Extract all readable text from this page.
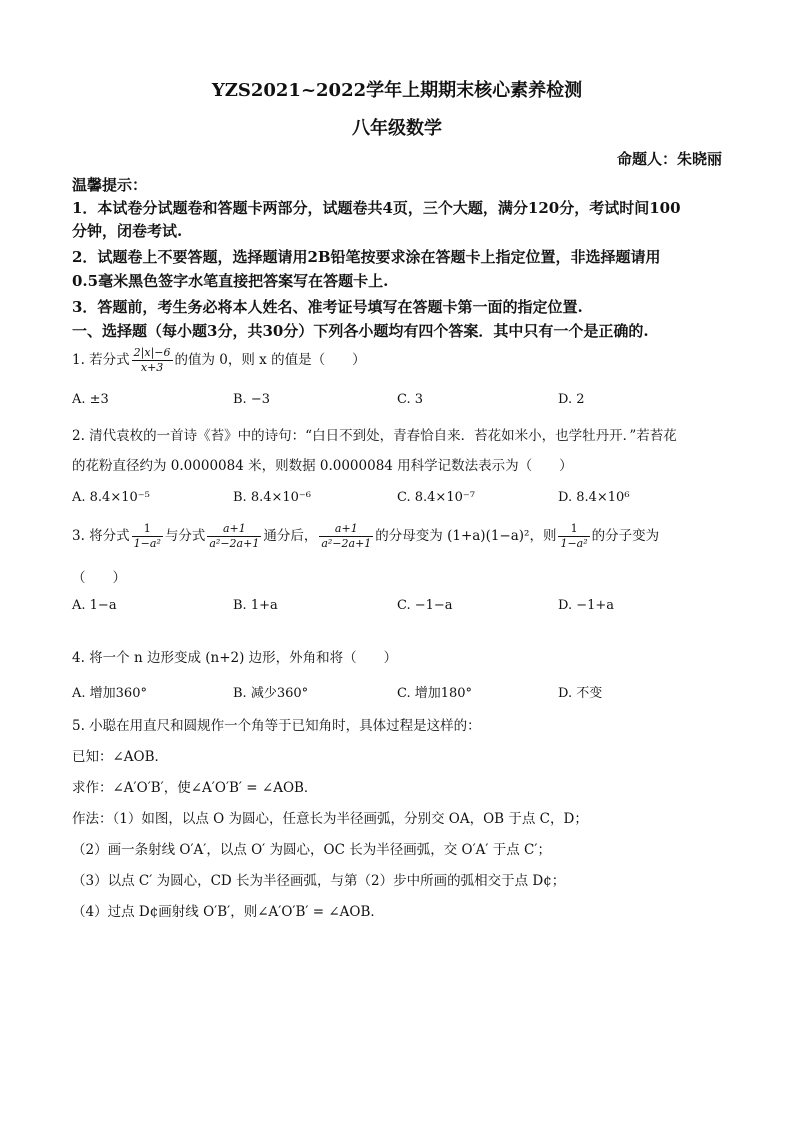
YZS2021~2022学年上期期末核心素养检测
八年级数学
命题人：朱晓丽
温馨提示：
1．本试卷分试题卷和答题卡两部分，试题卷共4页，三个大题，满分120分，考试时间100
分钟，闭卷考试.
2．试题卷上不要答题，选择题请用2B铅笔按要求涂在答题卡上指定位置，非选择题请用
0.5毫米黑色签字水笔直接把答案写在答题卡上.
3．答题前，考生务必将本人姓名、准考证号填写在答题卡第一面的指定位置.
一、选择题（每小题3分，共30分）下列各小题均有四个答案．其中只有一个是正确的.
1. 若分式 $\frac{2|x|-6}{x+3}$ 的值为 0，则 x 的值是（　　）
A. ±3	B. −3	C. 3	D. 2
2. 清代袁枚的一首诗《苔》中的诗句：“白日不到处，青春恰自来．苔花如米小，也学牡丹开．”若苔花
的花粉直径约为 0.0000084 米，则数据 0.0000084 用科学记数法表示为（　　）
A. 8.4×10⁻⁵	B. 8.4×10⁻⁶	C. 8.4×10⁻⁷	D. 8.4×10⁶
3. 将分式 $\frac{1}{\text{1−a²}}$ 与分式 $\frac{a+1}{\text{a²−2a+1}}$ 通分后， $\frac{a+1}{\text{a²−2a+1}}$ 的分母变为 (1+a)(1−a)²，则 $\frac{1}{\text{1−a²}}$ 的分子变为
（　　）
A. 1−a	B. 1+a	C. −1−a	D. −1+a
4. 将一个 n 边形变成 (n+2) 边形，外角和将（　　）
A. 增加360°	B. 减少360°	C. 增加180°	D. 不变
5. 小聪在用直尺和圆规作一个角等于已知角时，具体过程是这样的：
已知：∠AOB．
求作：∠A′O′B′，使∠A′O′B′ = ∠AOB．
作法：（1）如图，以点 O 为圆心，任意长为半径画弧，分别交 OA，OB 于点 C，D；
（2）画一条射线 O′A′，以点 O′ 为圆心，OC 长为半径画弧，交 O′A′ 于点 C′；
（3）以点 C′ 为圆心，CD 长为半径画弧，与第（2）步中所画的弧相交于点 D¢；
（4）过点 D¢画射线 O′B′，则∠A′O′B′ = ∠AOB．
